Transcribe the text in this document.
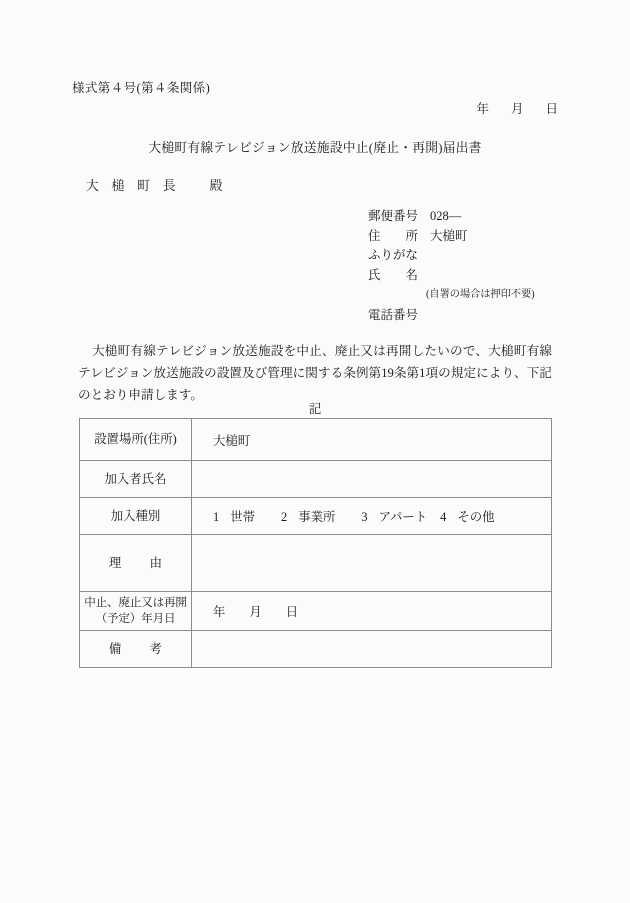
様式第４号(第４条関係)
年 月 日
大槌町有線テレビジョン放送施設中止(廃止・再開)届出書
大　槌　町　長	殿
郵便番号 028—
住　　所 大槌町
ふりがな
氏　　名
(自署の場合は押印不要)
電話番号
大槌町有線テレビジョン放送施設を中止、廃止又は再開したいので、大槌町有線テレビジョン放送施設の設置及び管理に関する条例第19条第1項の規定により、下記のとおり申請します。
記
設置場所(住所)	大槌町
加入者氏名	
加入種別	1 世帯 2 事業所 3 アパート 4 その他
理　由	

中止、廃止又は再開
（予定）年月日	年 月 日
備　考	
